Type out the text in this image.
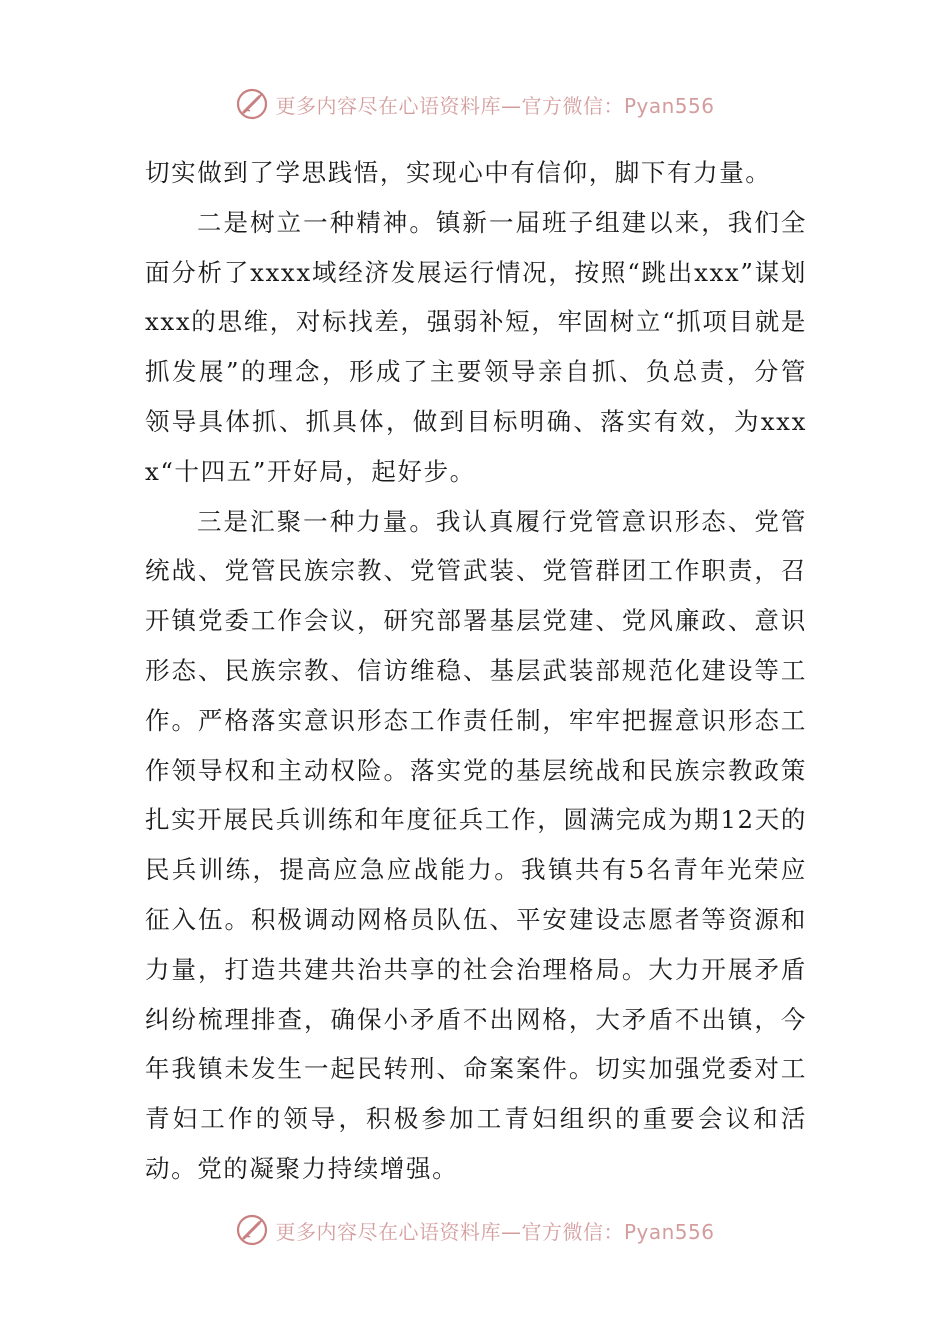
更多内容尽在心语资料库—官方微信：Pyan556

切实做到了学思践悟，实现心中有信仰，脚下有力量。

二是树立一种精神。镇新一届班子组建以来，我们全面分析了xxxx域经济发展运行情况，按照“跳出xxx”谋划xxx的思维，对标找差，强弱补短，牢固树立“抓项目就是抓发展”的理念，形成了主要领导亲自抓、负总责，分管领导具体抓、抓具体，做到目标明确、落实有效，为xxxx“十四五”开好局，起好步。

三是汇聚一种力量。我认真履行党管意识形态、党管统战、党管民族宗教、党管武装、党管群团工作职责，召开镇党委工作会议，研究部署基层党建、党风廉政、意识形态、民族宗教、信访维稳、基层武装部规范化建设等工作。严格落实意识形态工作责任制，牢牢把握意识形态工作领导权和主动权险。落实党的基层统战和民族宗教政策扎实开展民兵训练和年度征兵工作，圆满完成为期12天的民兵训练，提高应急应战能力。我镇共有5名青年光荣应征入伍。积极调动网格员队伍、平安建设志愿者等资源和力量，打造共建共治共享的社会治理格局。大力开展矛盾纠纷梳理排查，确保小矛盾不出网格，大矛盾不出镇，今年我镇未发生一起民转刑、命案案件。切实加强党委对工青妇工作的领导，积极参加工青妇组织的重要会议和活动。党的凝聚力持续增强。

更多内容尽在心语资料库—官方微信：Pyan556
